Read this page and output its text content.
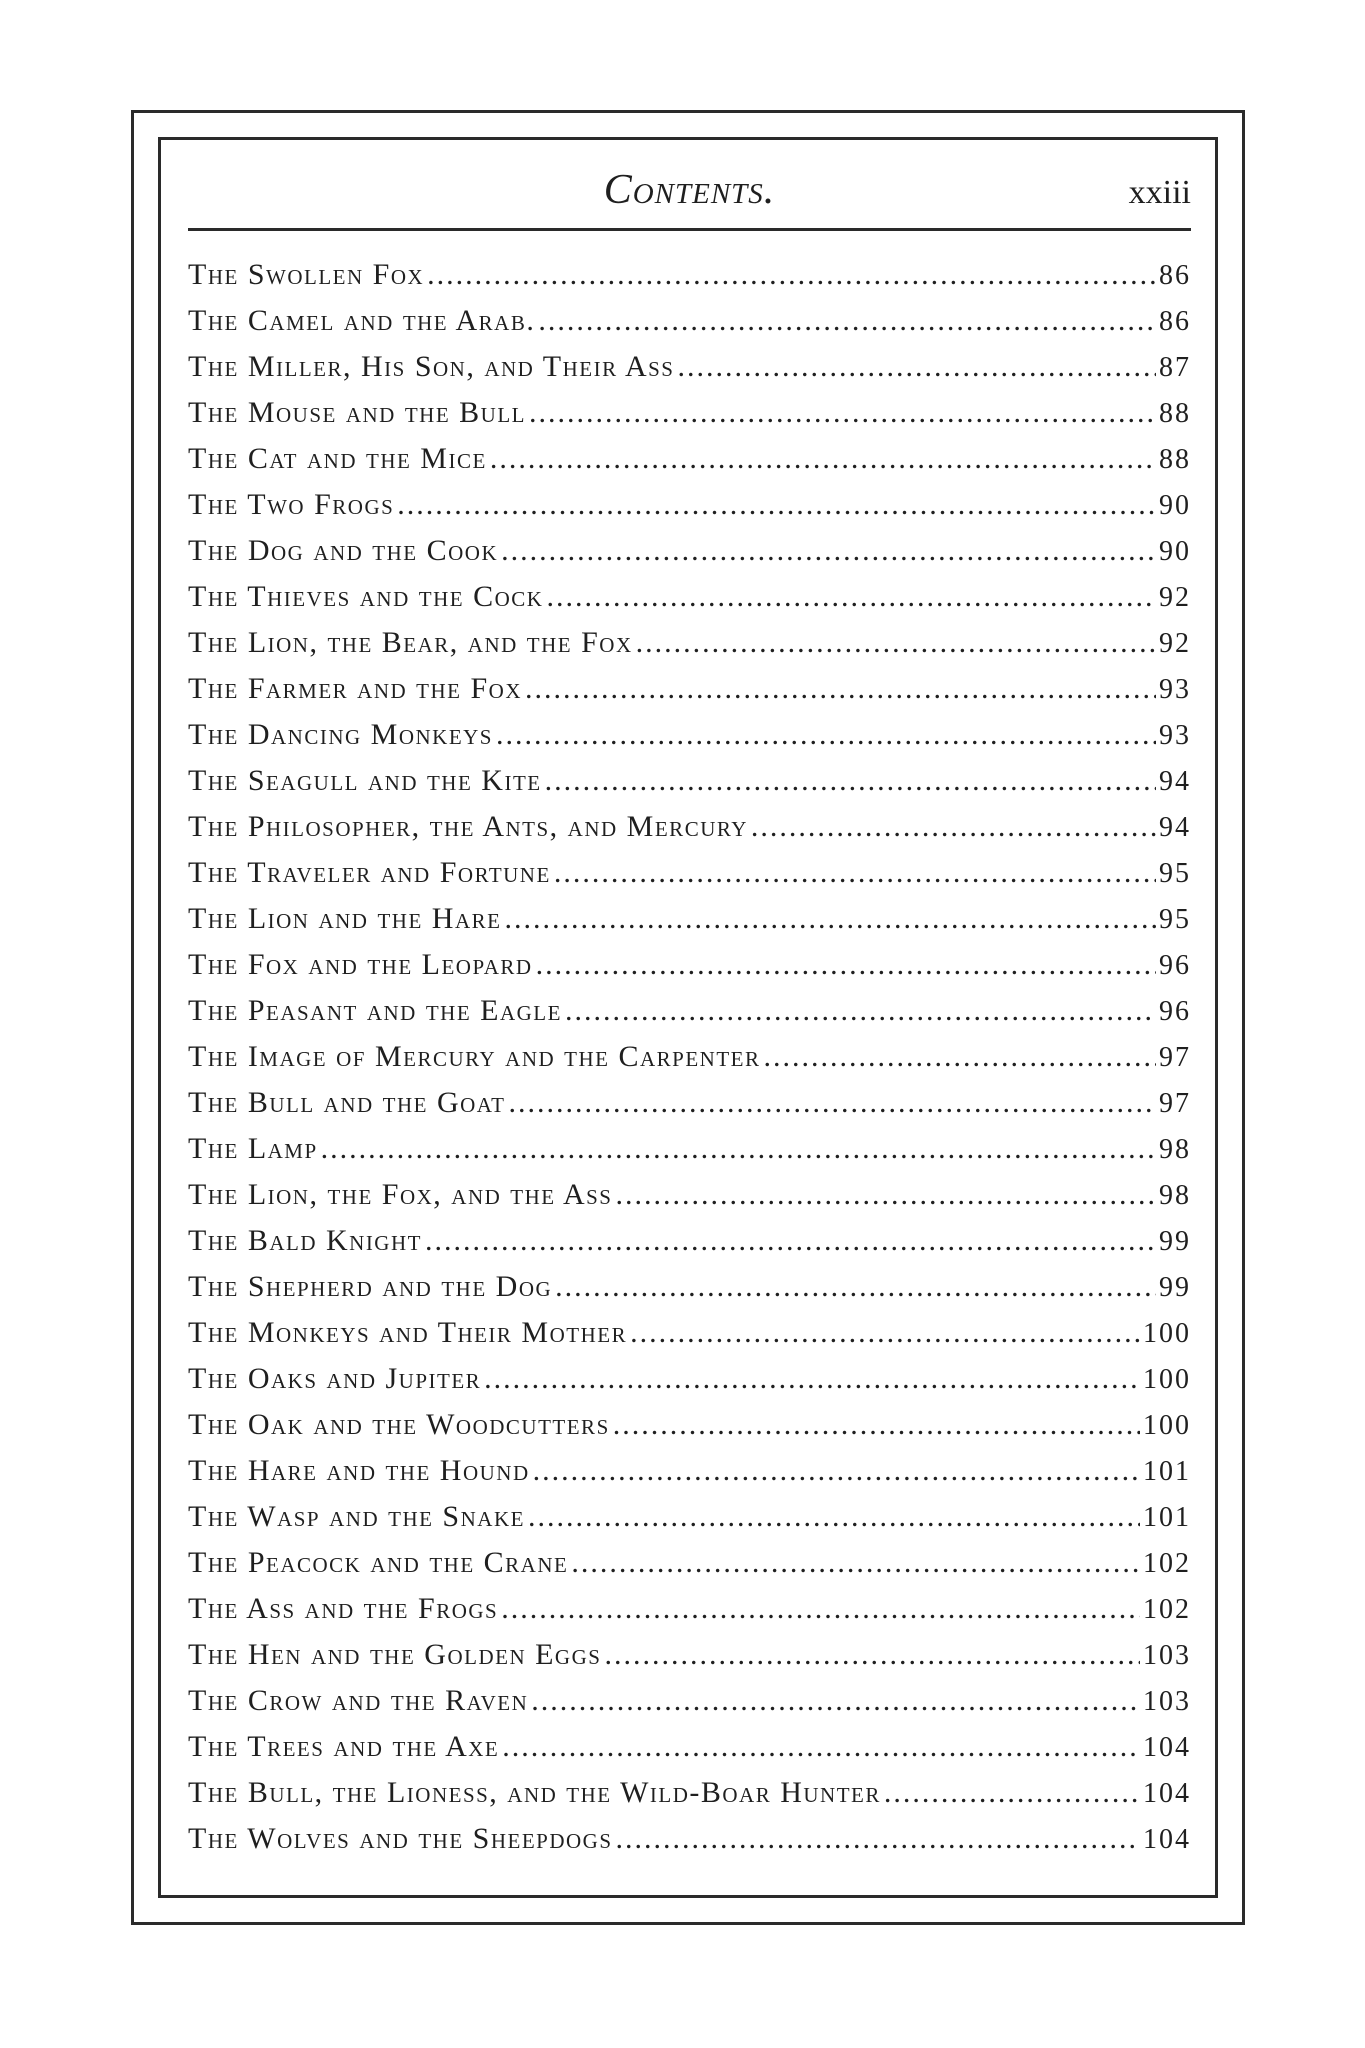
Contents.	xxiii
The Swollen Fox .....	86
The Camel and the Arab. .....	86
The Miller, His Son, and Their Ass .....	87
The Mouse and the Bull .....	88
The Cat and the Mice .....	88
The Two Frogs .....	90
The Dog and the Cook .....	90
The Thieves and the Cock .....	92
The Lion, the Bear, and the Fox .....	92
The Farmer and the Fox .....	93
The Dancing Monkeys .....	93
The Seagull and the Kite .....	94
The Philosopher, the Ants, and Mercury .....	94
The Traveler and Fortune .....	95
The Lion and the Hare .....	95
The Fox and the Leopard .....	96
The Peasant and the Eagle .....	96
The Image of Mercury and the Carpenter .....	97
The Bull and the Goat .....	97
The Lamp .....	98
The Lion, the Fox, and the Ass .....	98
The Bald Knight .....	99
The Shepherd and the Dog .....	99
The Monkeys and Their Mother .....	100
The Oaks and Jupiter .....	100
The Oak and the Woodcutters .....	100
The Hare and the Hound .....	101
The Wasp and the Snake .....	101
The Peacock and the Crane .....	102
The Ass and the Frogs .....	102
The Hen and the Golden Eggs .....	103
The Crow and the Raven .....	103
The Trees and the Axe .....	104
The Bull, the Lioness, and the Wild-Boar Hunter .....	104
The Wolves and the Sheepdogs .....	104
